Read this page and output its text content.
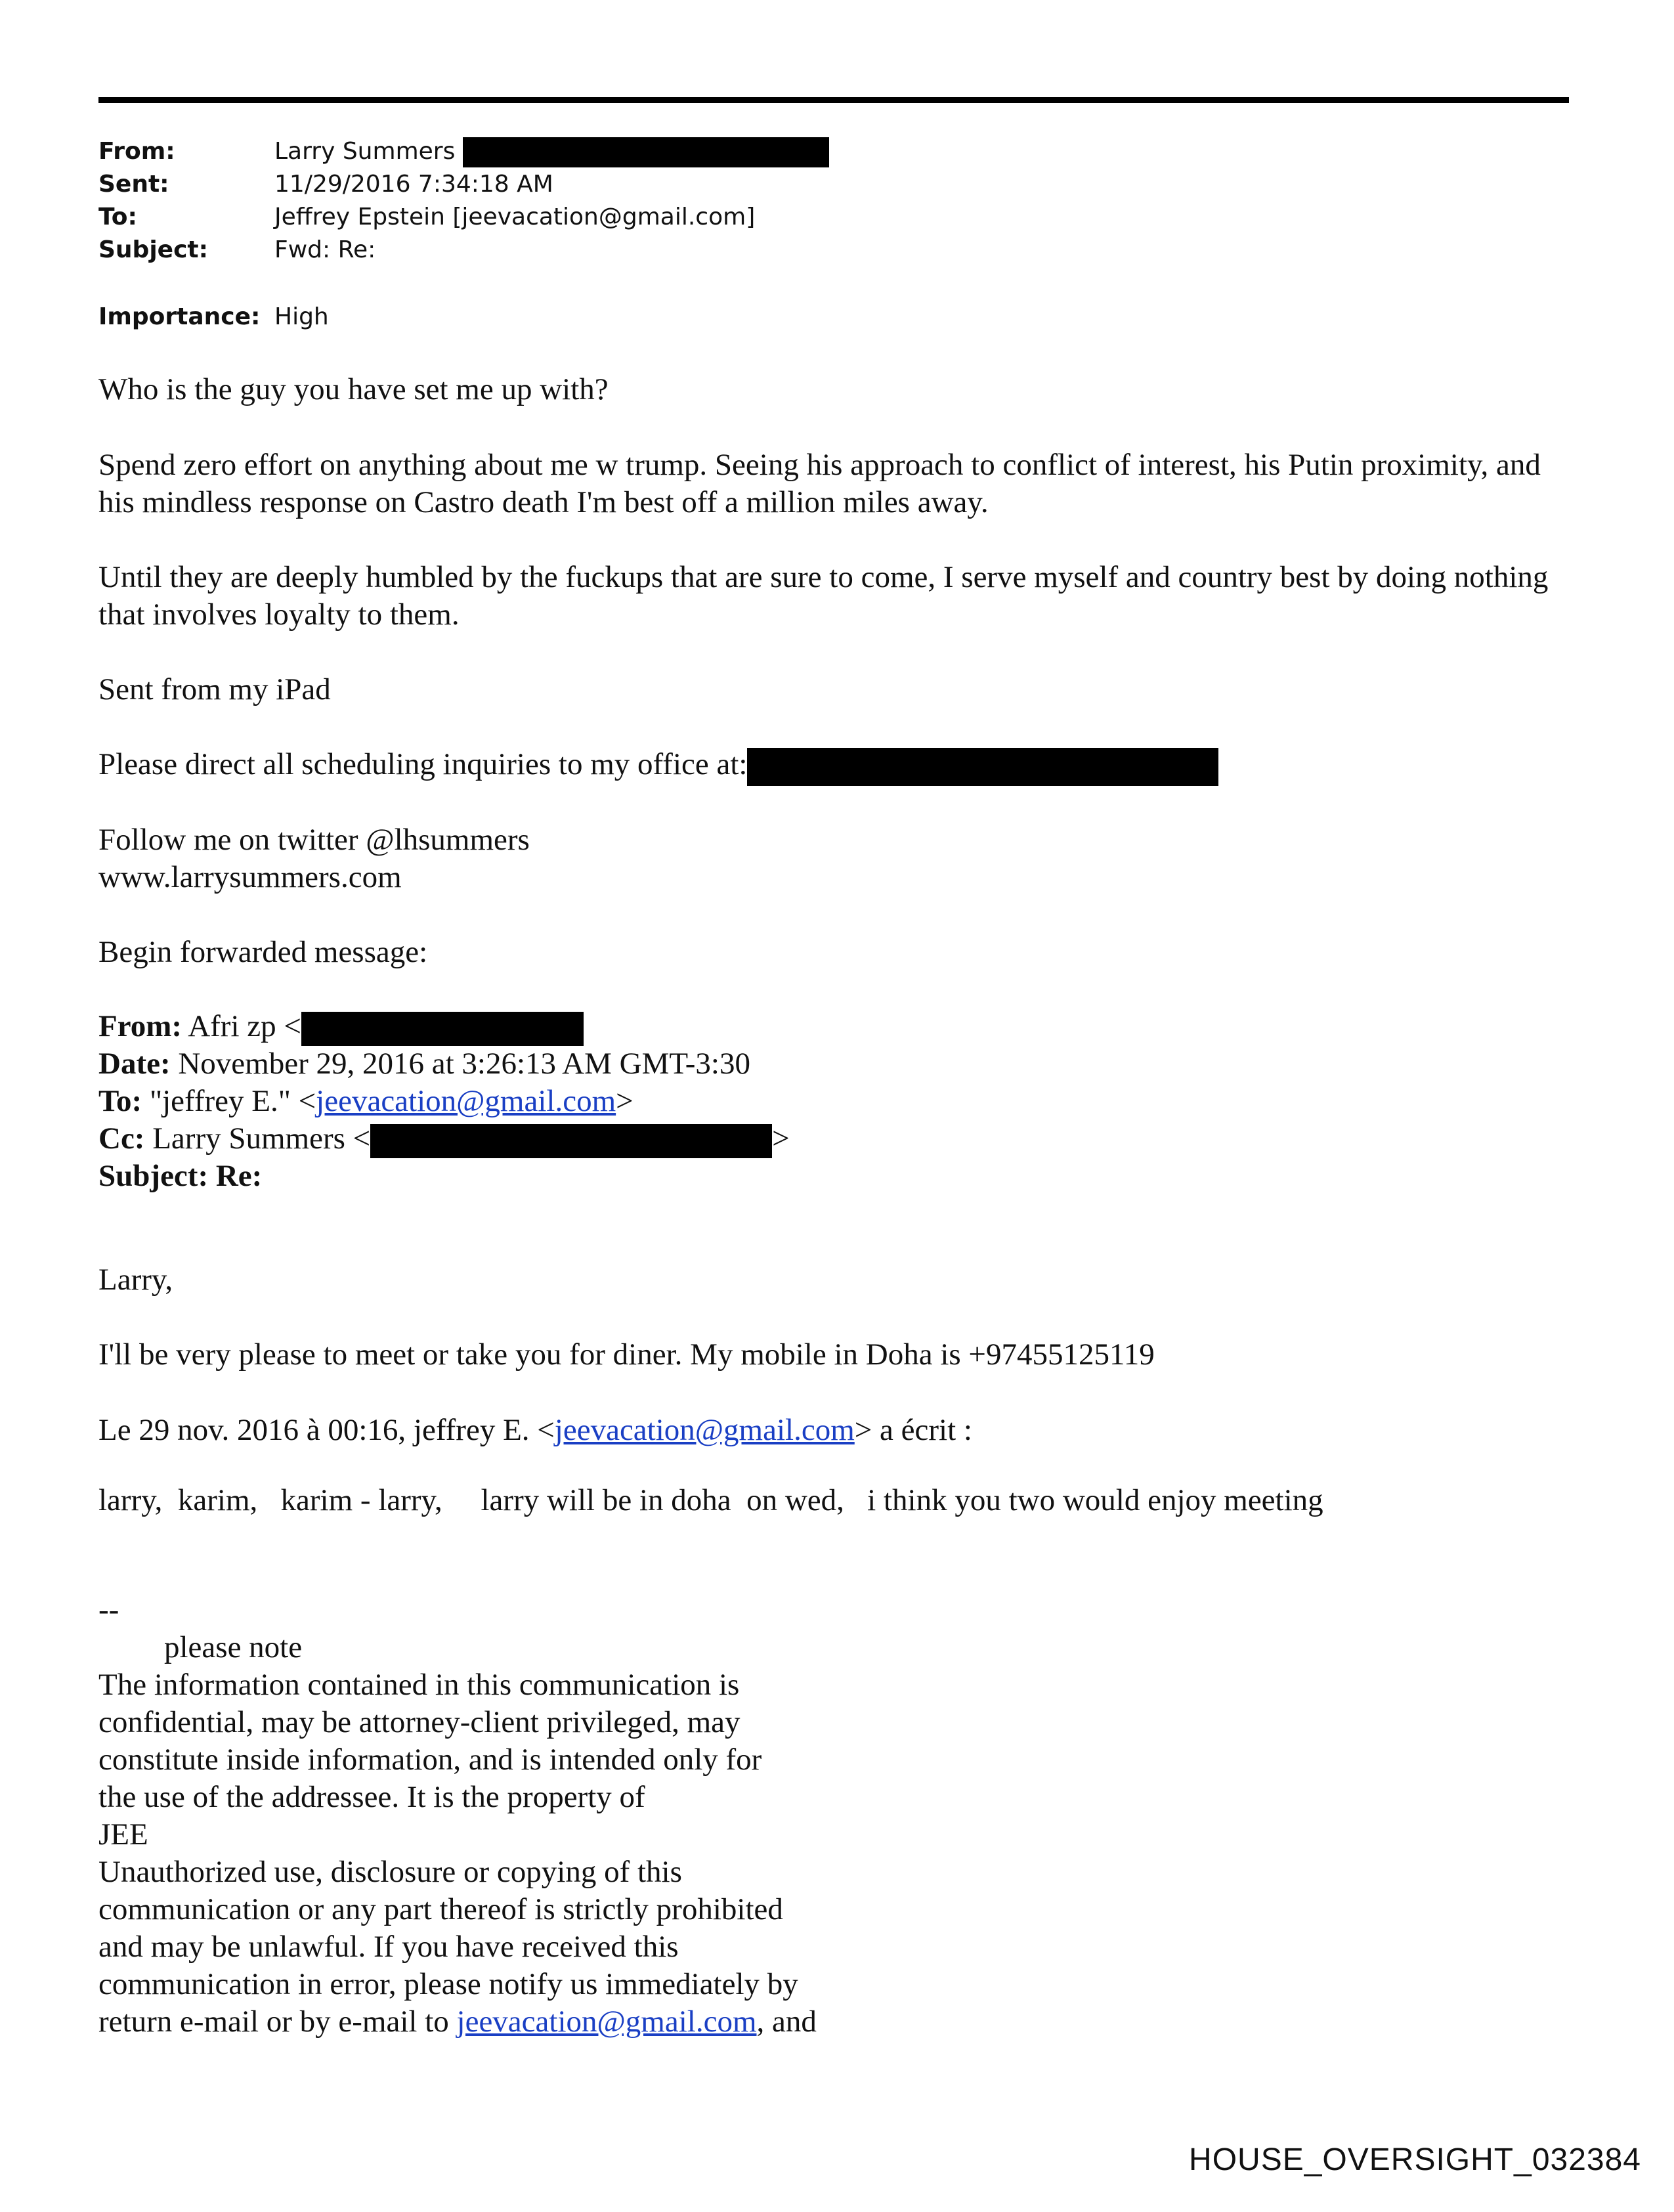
From:	Larry Summers
Sent:	11/29/2016 7:34:18 AM
To:	Jeffrey Epstein [jeevacation@gmail.com]
Subject:	Fwd: Re:
Importance: High

Who is the guy you have set me up with?

Spend zero effort on anything about me w trump. Seeing his approach to conflict of interest, his Putin proximity, and his mindless response on Castro death I'm best off a million miles away.

Until they are deeply humbled by the fuckups that are sure to come, I serve myself and country best by doing nothing that involves loyalty to them.

Sent from my iPad
Please direct all scheduling inquiries to my office at:
Follow me on twitter @lhsummers
www.larrysummers.com
Begin forwarded message:
From: Afri zp <
Date: November 29, 2016 at 3:26:13 AM GMT-3:30
To: "jeffrey E." <jeevacation@gmail.com>
Cc: Larry Summers <	>
Subject: Re:
Larry,
I'll be very please to meet or take you for diner. My mobile in Doha is +97455125119
Le 29 nov. 2016 à 00:16, jeffrey E. <jeevacation@gmail.com> a écrit :
larry,  karim,   karim - larry,     larry will be in doha  on wed,   i think you two would enjoy meeting
--
please note
The information contained in this communication is
confidential, may be attorney-client privileged, may
constitute inside information, and is intended only for
the use of the addressee. It is the property of
JEE
Unauthorized use, disclosure or copying of this
communication or any part thereof is strictly prohibited
and may be unlawful. If you have received this
communication in error, please notify us immediately by
return e-mail or by e-mail to jeevacation@gmail.com, and
HOUSE_OVERSIGHT_032384
